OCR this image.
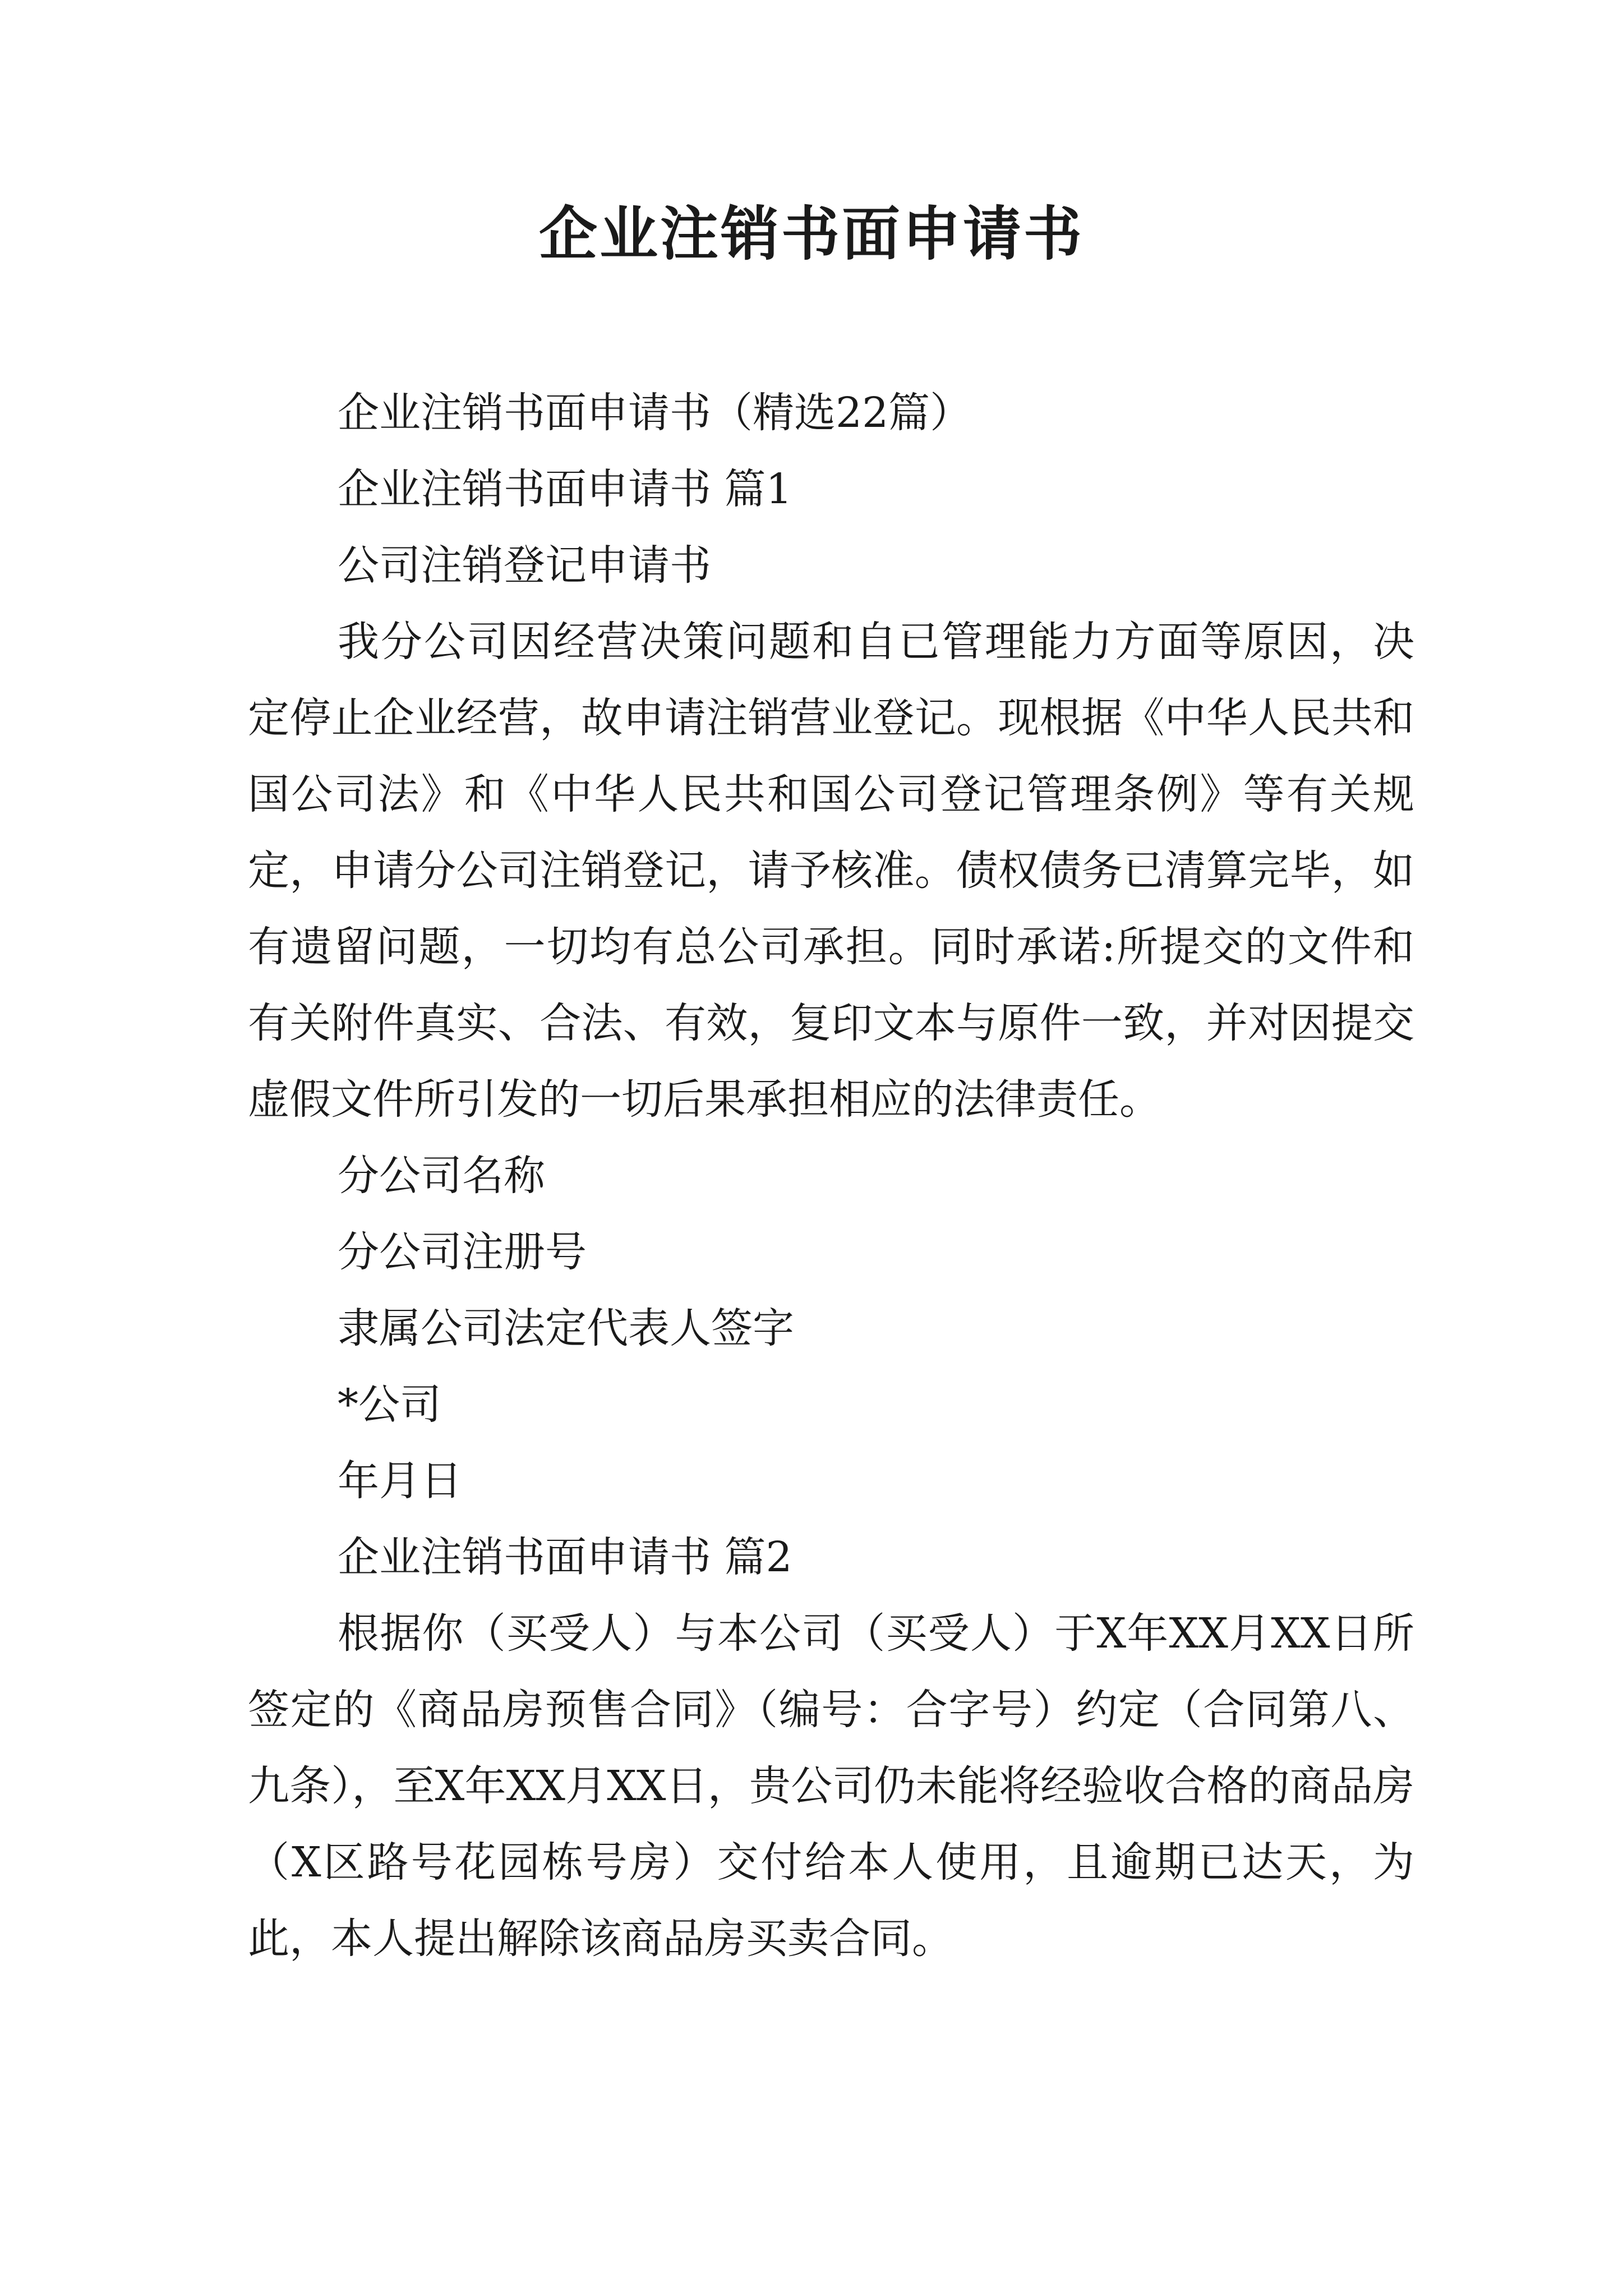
企业注销书面申请书

企业注销书面申请书（精选22篇）

企业注销书面申请书 篇1

公司注销登记申请书

我分公司因经营决策问题和自已管理能力方面等原因，决定停止企业经营，故申请注销营业登记。现根据《中华人民共和国公司法》和《中华人民共和国公司登记管理条例》等有关规定，申请分公司注销登记，请予核准。债权债务已清算完毕，如有遗留问题，一切均有总公司承担。同时承诺:所提交的文件和有关附件真实、合法、有效，复印文本与原件一致，并对因提交虚假文件所引发的一切后果承担相应的法律责任。

分公司名称

分公司注册号

隶属公司法定代表人签字

*公司

年月日

企业注销书面申请书 篇2

根据你（买受人）与本公司（买受人）于X年XX月XX日所签定的《商品房预售合同》（编号：合字号）约定（合同第八、九条），至X年XX月XX日，贵公司仍未能将经验收合格的商品房（X区路号花园栋号房）交付给本人使用，且逾期已达天，为此，本人提出解除该商品房买卖合同。
